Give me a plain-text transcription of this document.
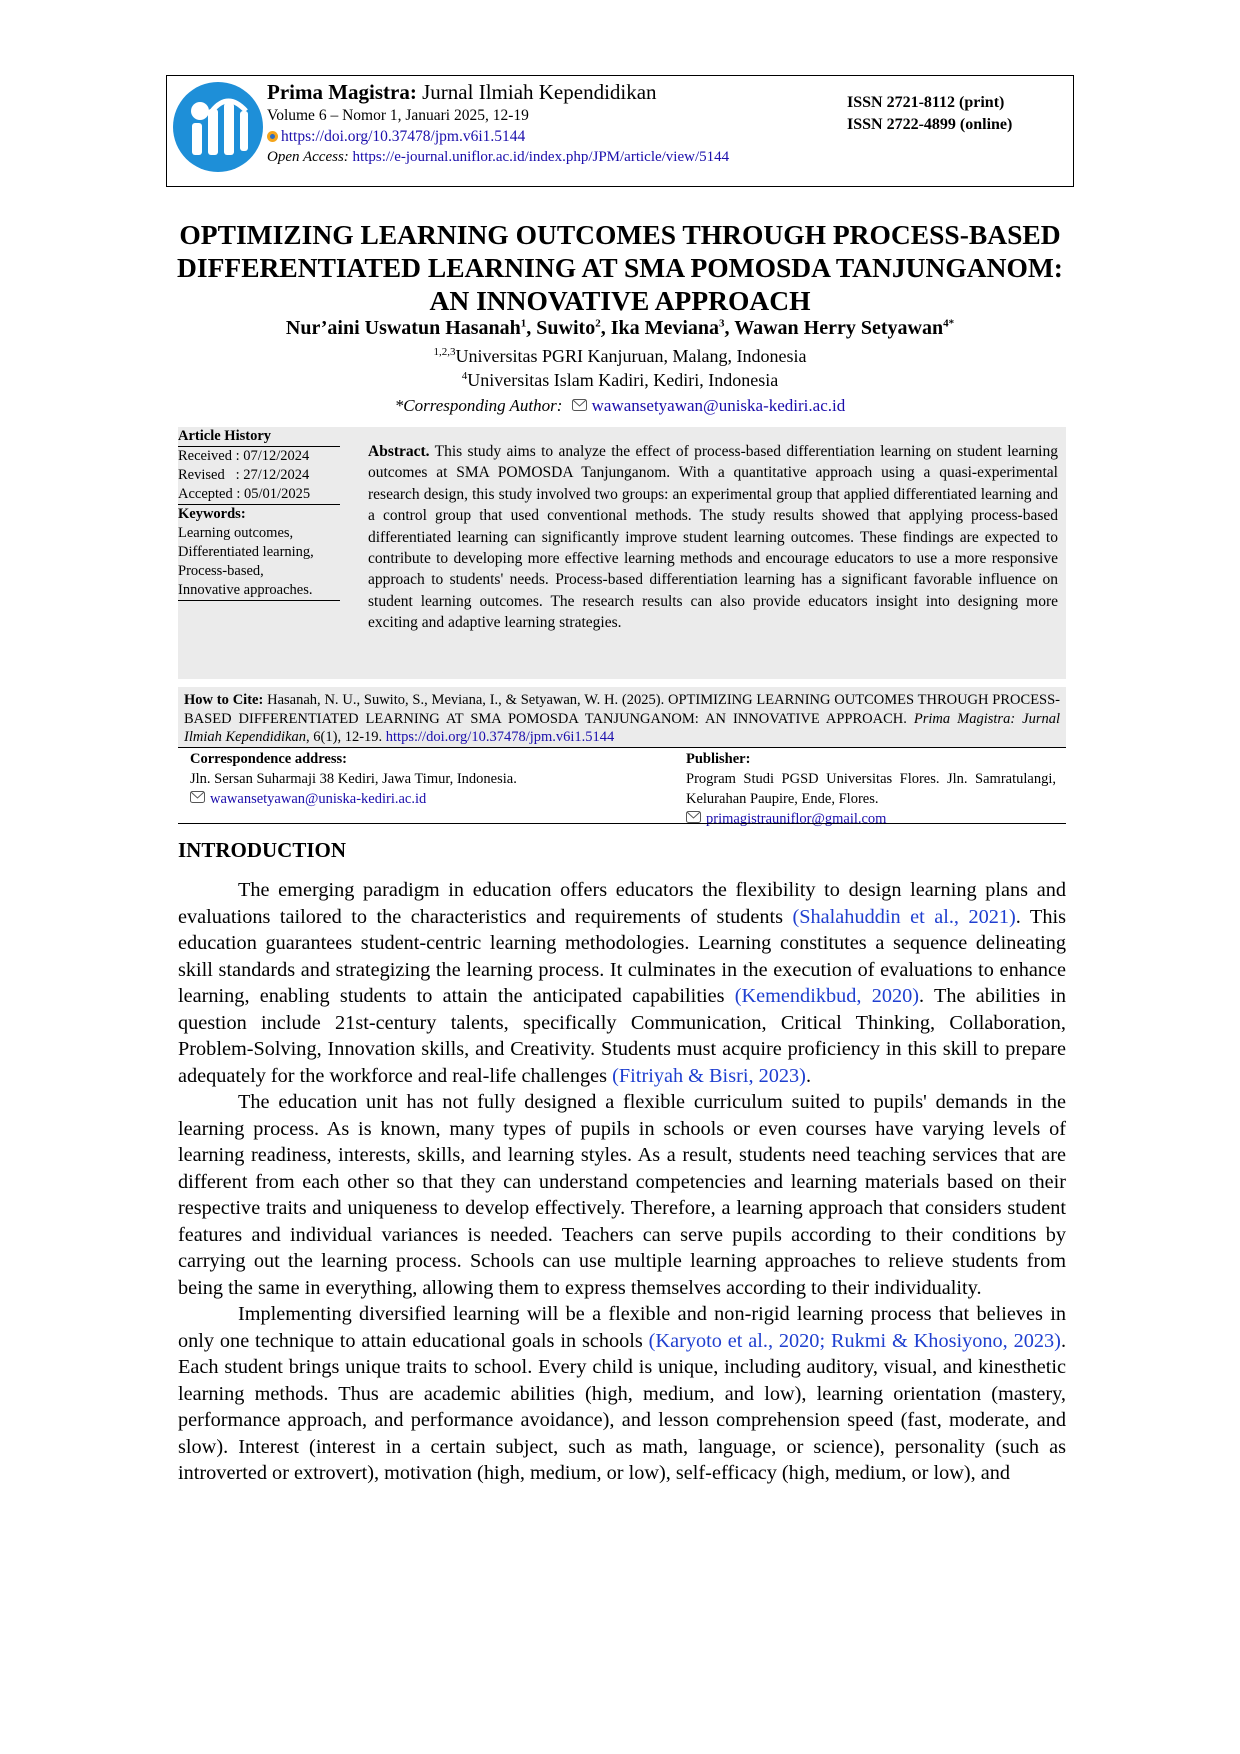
Prima Magistra: Jurnal Ilmiah Kependidikan
Volume 6 – Nomor 1, Januari 2025, 12-19
https://doi.org/10.37478/jpm.v6i1.5144
Open Access: https://e-journal.uniflor.ac.id/index.php/JPM/article/view/5144
ISSN 2721-8112 (print)
ISSN 2722-4899 (online)
OPTIMIZING LEARNING OUTCOMES THROUGH PROCESS-BASED DIFFERENTIATED LEARNING AT SMA POMOSDA TANJUNGANOM: AN INNOVATIVE APPROACH
Nur’aini Uswatun Hasanah$^1$, Suwito$^2$, Ika Meviana$^3$, Wawan Herry Setyawan$^{4*}$
$^{1,2,3}$Universitas PGRI Kanjuruan, Malang, Indonesia
$^4$Universitas Islam Kadiri, Kediri, Indonesia
*Corresponding Author: wawansetyawan@uniska-kediri.ac.id
Article History
Received : 07/12/2024
Revised   : 27/12/2024
Accepted : 05/01/2025
Keywords:
Learning outcomes,
Differentiated learning,
Process-based,
Innovative approaches.

Abstract. This study aims to analyze the effect of process-based differentiation learning on student learning outcomes at SMA POMOSDA Tanjunganom. With a quantitative approach using a quasi-experimental research design, this study involved two groups: an experimental group that applied differentiated learning and a control group that used conventional methods. The study results showed that applying process-based differentiated learning can significantly improve student learning outcomes. These findings are expected to contribute to developing more effective learning methods and encourage educators to use a more responsive approach to students' needs. Process-based differentiation learning has a significant favorable influence on student learning outcomes. The research results can also provide educators insight into designing more exciting and adaptive learning strategies.

How to Cite: Hasanah, N. U., Suwito, S., Meviana, I., & Setyawan, W. H. (2025). OPTIMIZING LEARNING OUTCOMES THROUGH PROCESS-BASED DIFFERENTIATED LEARNING AT SMA POMOSDA TANJUNGANOM: AN INNOVATIVE APPROACH. Prima Magistra: Jurnal Ilmiah Kependidikan, 6(1), 12-19. https://doi.org/10.37478/jpm.v6i1.5144
Correspondence address:
Jln. Sersan Suharmaji 38 Kediri, Jawa Timur, Indonesia.
wawansetyawan@uniska-kediri.ac.id
Publisher:
Program Studi PGSD Universitas Flores. Jln. Samratulangi, Kelurahan Paupire, Ende, Flores.
primagistrauniflor@gmail.com
INTRODUCTION

The emerging paradigm in education offers educators the flexibility to design learning plans and evaluations tailored to the characteristics and requirements of students (Shalahuddin et al., 2021). This education guarantees student-centric learning methodologies. Learning constitutes a sequence delineating skill standards and strategizing the learning process. It culminates in the execution of evaluations to enhance learning, enabling students to attain the anticipated capabilities (Kemendikbud, 2020). The abilities in question include 21st-century talents, specifically Communication, Critical Thinking, Collaboration, Problem-Solving, Innovation skills, and Creativity. Students must acquire proficiency in this skill to prepare adequately for the workforce and real-life challenges (Fitriyah & Bisri, 2023).

The education unit has not fully designed a flexible curriculum suited to pupils' demands in the learning process. As is known, many types of pupils in schools or even courses have varying levels of learning readiness, interests, skills, and learning styles. As a result, students need teaching services that are different from each other so that they can understand competencies and learning materials based on their respective traits and uniqueness to develop effectively. Therefore, a learning approach that considers student features and individual variances is needed. Teachers can serve pupils according to their conditions by carrying out the learning process. Schools can use multiple learning approaches to relieve students from being the same in everything, allowing them to express themselves according to their individuality.

Implementing diversified learning will be a flexible and non-rigid learning process that believes in only one technique to attain educational goals in schools (Karyoto et al., 2020; Rukmi & Khosiyono, 2023). Each student brings unique traits to school. Every child is unique, including auditory, visual, and kinesthetic learning methods. Thus are academic abilities (high, medium, and low), learning orientation (mastery, performance approach, and performance avoidance), and lesson comprehension speed (fast, moderate, and slow). Interest (interest in a certain subject, such as math, language, or science), personality (such as introverted or extrovert), motivation (high, medium, or low), self-efficacy (high, medium, or low), and
